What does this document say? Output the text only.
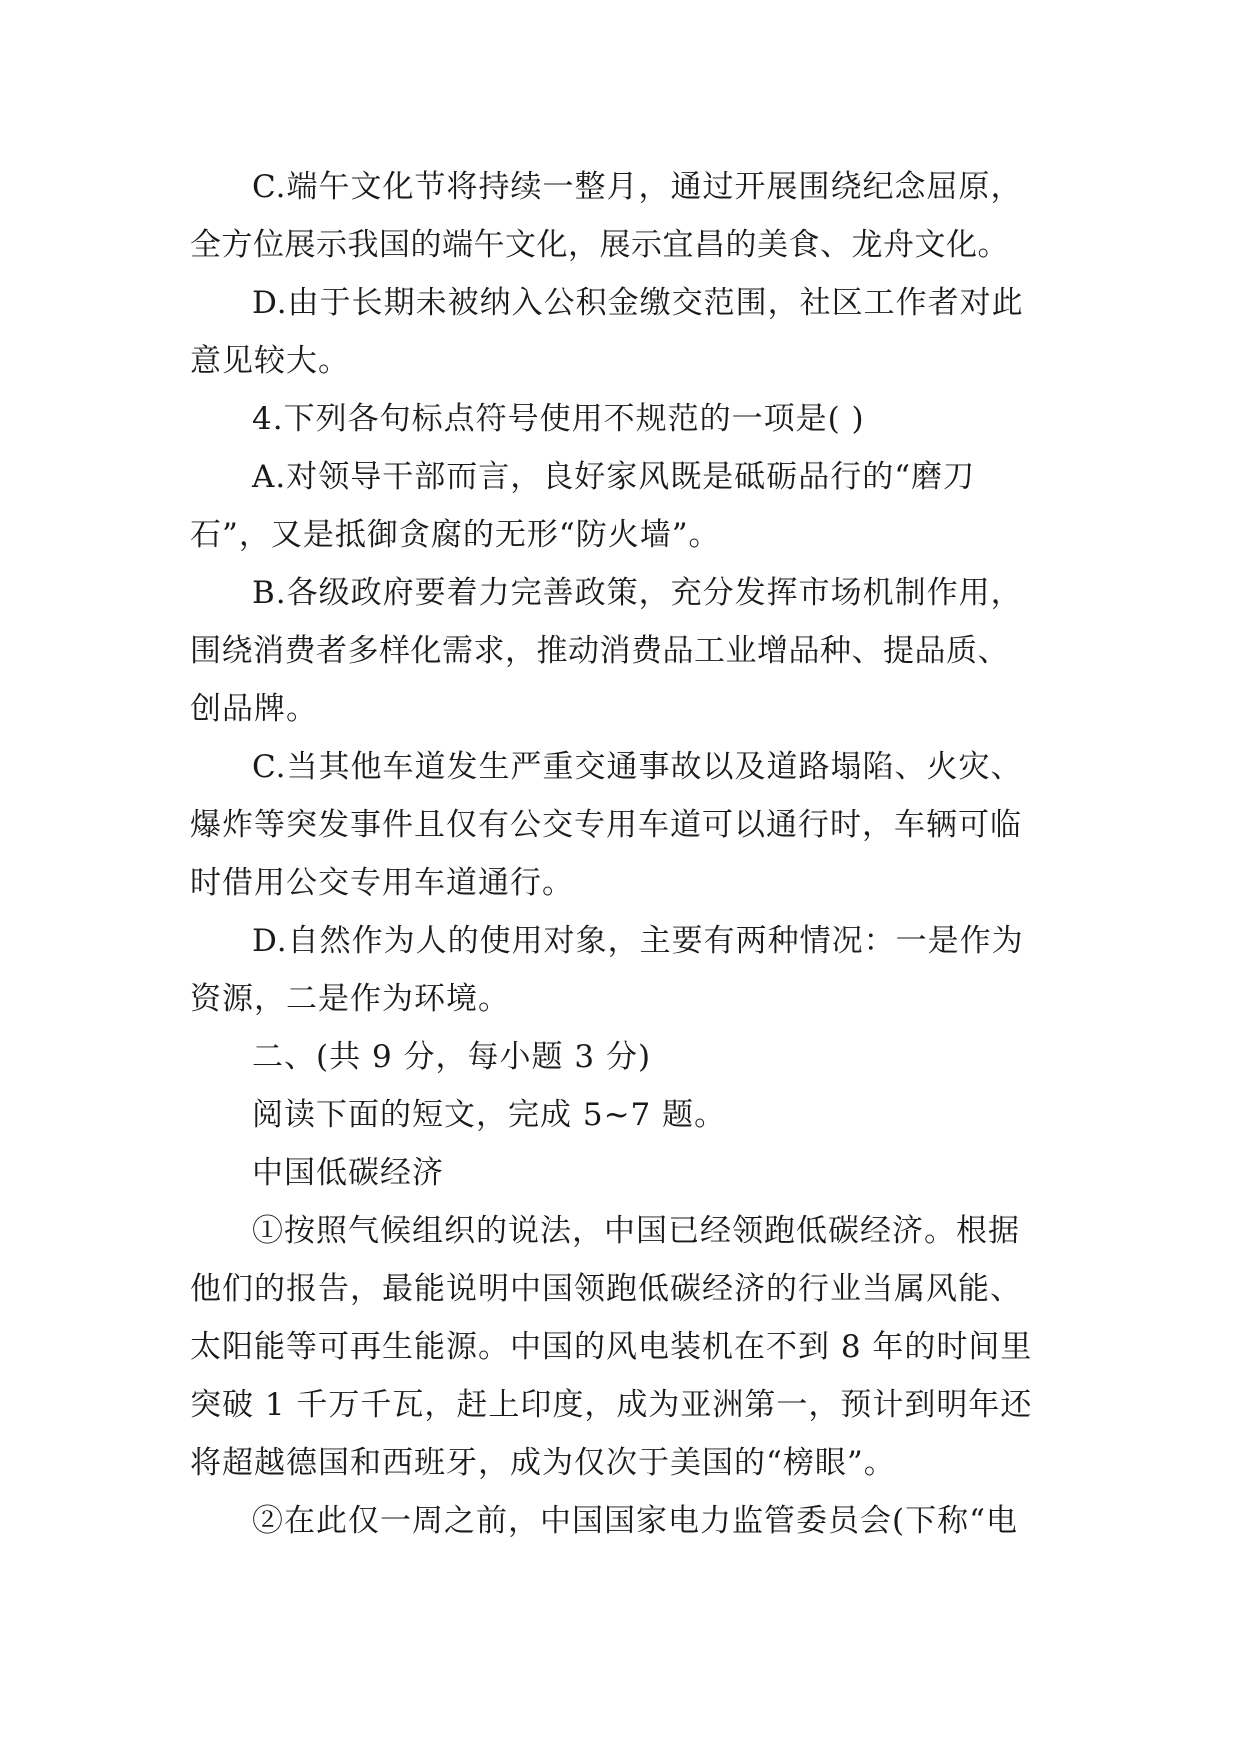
C.端午文化节将持续一整月，通过开展围绕纪念屈原，
全方位展示我国的端午文化，展示宜昌的美食、龙舟文化。
D.由于长期未被纳入公积金缴交范围，社区工作者对此
意见较大。
4.下列各句标点符号使用不规范的一项是( )
A.对领导干部而言，良好家风既是砥砺品行的“磨刀
石”，又是抵御贪腐的无形“防火墙”。
B.各级政府要着力完善政策，充分发挥市场机制作用，
围绕消费者多样化需求，推动消费品工业增品种、提品质、
创品牌。
C.当其他车道发生严重交通事故以及道路塌陷、火灾、
爆炸等突发事件且仅有公交专用车道可以通行时，车辆可临
时借用公交专用车道通行。
D.自然作为人的使用对象，主要有两种情况：一是作为
资源，二是作为环境。
二、(共 9 分，每小题 3 分)
阅读下面的短文，完成 5~7 题。
中国低碳经济
①按照气候组织的说法，中国已经领跑低碳经济。根据
他们的报告，最能说明中国领跑低碳经济的行业当属风能、
太阳能等可再生能源。中国的风电装机在不到 8 年的时间里
突破 1 千万千瓦，赶上印度，成为亚洲第一，预计到明年还
将超越德国和西班牙，成为仅次于美国的“榜眼”。
②在此仅一周之前，中国国家电力监管委员会(下称“电
